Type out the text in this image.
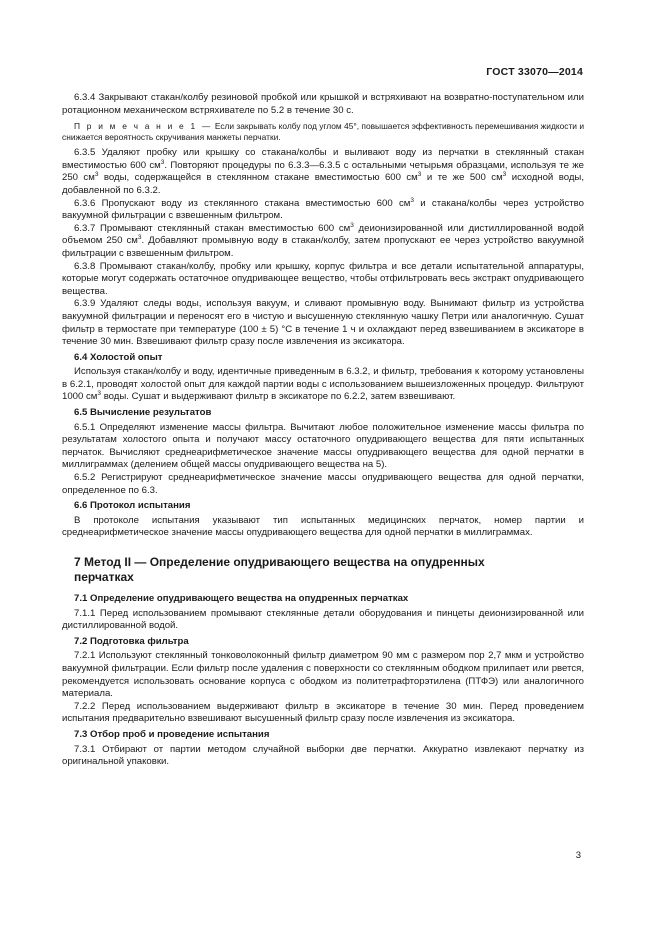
ГОСТ 33070—2014

6.3.4 Закрывают стакан/колбу резиновой пробкой или крышкой и встряхивают на возвратно-поступательном или ротационном механическом встряхивателе по 5.2 в течение 30 с.

П р и м е ч а н и е 1 — Если закрывать колбу под углом 45°, повышается эффективность перемешивания жидкости и снижается вероятность скручивания манжеты перчатки.

6.3.5 Удаляют пробку или крышку со стакана/колбы и выливают воду из перчатки в стеклянный стакан вместимостью 600 $см^3$. Повторяют процедуры по 6.3.3—6.3.5 с остальными четырьмя образцами, используя те же 250 $см^3$ воды, содержащейся в стеклянном стакане вместимостью 600 $см^3$ и те же 500 $см^3$ исходной воды, добавленной по 6.3.2.

6.3.6 Пропускают воду из стеклянного стакана вместимостью 600 $см^3$ и стакана/колбы через устройство вакуумной фильтрации с взвешенным фильтром.

6.3.7 Промывают стеклянный стакан вместимостью 600 $см^3$ деионизированной или дистиллированной водой объемом 250 $см^3$. Добавляют промывную воду в стакан/колбу, затем пропускают ее через устройство вакуумной фильтрации с взвешенным фильтром.

6.3.8 Промывают стакан/колбу, пробку или крышку, корпус фильтра и все детали испытательной аппаратуры, которые могут содержать остаточное опудривающее вещество, чтобы отфильтровать весь экстракт опудривающего вещества.

6.3.9 Удаляют следы воды, используя вакуум, и сливают промывную воду. Вынимают фильтр из устройства вакуумной фильтрации и переносят его в чистую и высушенную стеклянную чашку Петри или аналогичную. Сушат фильтр в термостате при температуре (100 ± 5) °C в течение 1 ч и охлаждают перед взвешиванием в эксикаторе в течение 30 мин. Взвешивают фильтр сразу после извлечения из эксикатора.

6.4 Холостой опыт

Используя стакан/колбу и воду, идентичные приведенным в 6.3.2, и фильтр, требования к которому установлены в 6.2.1, проводят холостой опыт для каждой партии воды с использованием вышеизложенных процедур. Фильтруют 1000 $см^3$ воды. Сушат и выдерживают фильтр в эксикаторе по 6.2.2, затем взвешивают.

6.5 Вычисление результатов

6.5.1 Определяют изменение массы фильтра. Вычитают любое положительное изменение массы фильтра по результатам холостого опыта и получают массу остаточного опудривающего вещества для пяти испытанных перчаток. Вычисляют среднеарифметическое значение массы опудривающего вещества для одной перчатки в миллиграммах (делением общей массы опудривающего вещества на 5).

6.5.2 Регистрируют среднеарифметическое значение массы опудривающего вещества для одной перчатки, определенное по 6.3.

6.6 Протокол испытания

В протоколе испытания указывают тип испытанных медицинских перчаток, номер партии и среднеарифметическое значение массы опудривающего вещества для одной перчатки в миллиграммах.

7 Метод II — Определение опудривающего вещества на опудренных
перчатках

7.1 Определение опудривающего вещества на опудренных перчатках

7.1.1 Перед использованием промывают стеклянные детали оборудования и пинцеты деионизированной или дистиллированной водой.

7.2 Подготовка фильтра

7.2.1 Используют стеклянный тонковолоконный фильтр диаметром 90 мм с размером пор 2,7 мкм и устройство вакуумной фильтрации. Если фильтр после удаления с поверхности со стеклянным ободком прилипает или рвется, рекомендуется использовать основание корпуса с ободком из политетрафторэтилена (ПТФЭ) или аналогичного материала.

7.2.2 Перед использованием выдерживают фильтр в эксикаторе в течение 30 мин. Перед проведением испытания предварительно взвешивают высушенный фильтр сразу после извлечения из эксикатора.

7.3 Отбор проб и проведение испытания

7.3.1 Отбирают от партии методом случайной выборки две перчатки. Аккуратно извлекают перчатку из оригинальной упаковки.

3
